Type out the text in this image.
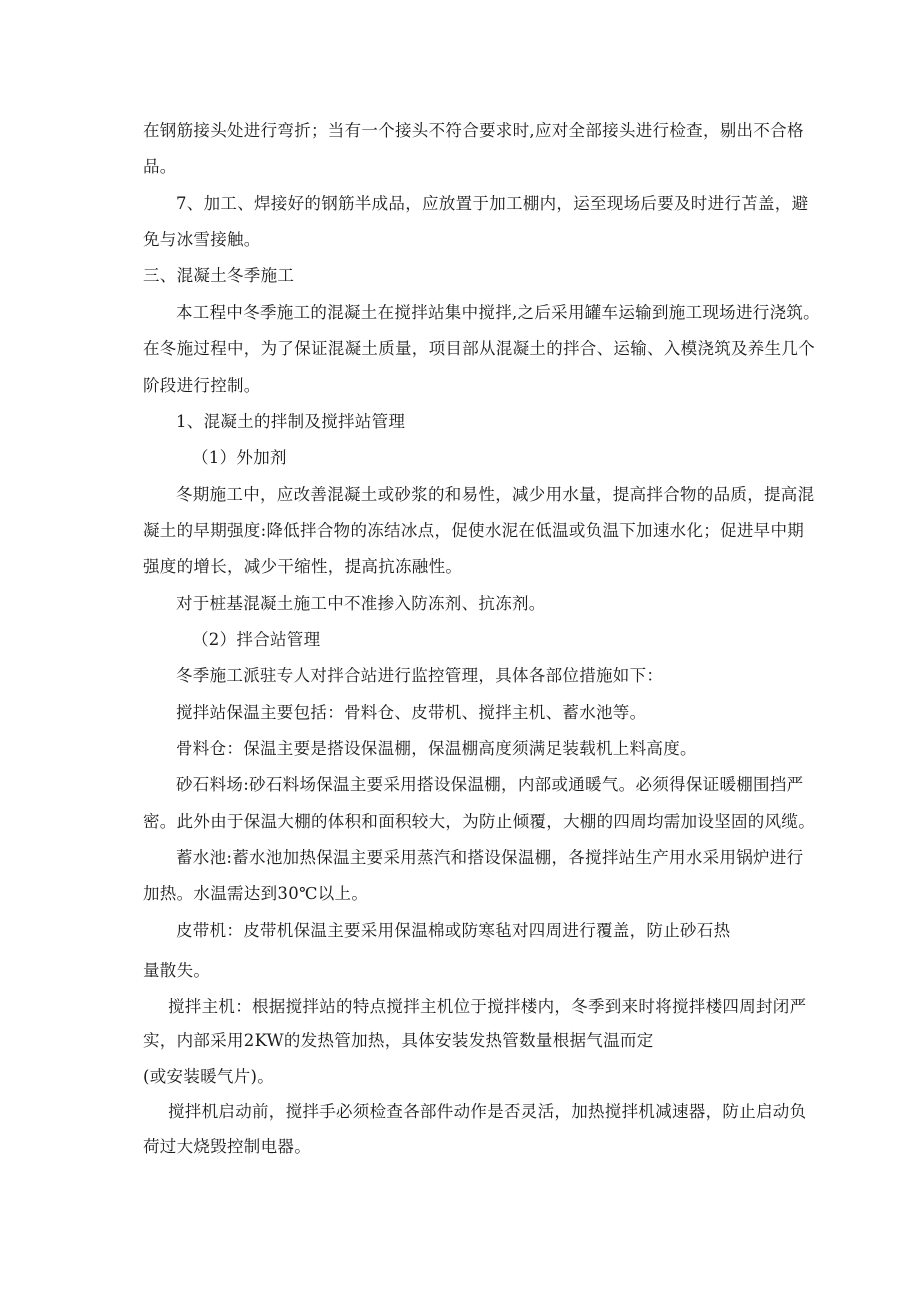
在钢筋接头处进行弯折；当有一个接头不符合要求时,应对全部接头进行检查，剔出不合格
品。
7、加工、焊接好的钢筋半成品，应放置于加工棚内，运至现场后要及时进行苫盖，避
免与冰雪接触。
三、混凝土冬季施工
本工程中冬季施工的混凝土在搅拌站集中搅拌,之后采用罐车运输到施工现场进行浇筑。
在冬施过程中，为了保证混凝土质量，项目部从混凝土的拌合、运输、入模浇筑及养生几个
阶段进行控制。
1、混凝土的拌制及搅拌站管理
（1）外加剂
冬期施工中，应改善混凝土或砂浆的和易性，减少用水量，提高拌合物的品质，提高混
凝土的早期强度:降低拌合物的冻结冰点，促使水泥在低温或负温下加速水化；促进早中期
强度的增长，减少干缩性，提高抗冻融性。
对于桩基混凝土施工中不准掺入防冻剂、抗冻剂。
（2）拌合站管理
冬季施工派驻专人对拌合站进行监控管理，具体各部位措施如下：
搅拌站保温主要包括：骨料仓、皮带机、搅拌主机、蓄水池等。
骨料仓：保温主要是搭设保温棚，保温棚高度须满足装载机上料高度。
砂石料场:砂石料场保温主要采用搭设保温棚，内部或通暖气。必须得保证暖棚围挡严
密。此外由于保温大棚的体积和面积较大，为防止倾覆，大棚的四周均需加设坚固的风缆。
蓄水池:蓄水池加热保温主要采用蒸汽和搭设保温棚，各搅拌站生产用水采用锅炉进行
加热。水温需达到30℃以上。
皮带机：皮带机保温主要采用保温棉或防寒毡对四周进行覆盖，防止砂石热
量散失。
搅拌主机：根据搅拌站的特点搅拌主机位于搅拌楼内，冬季到来时将搅拌楼四周封闭严
实，内部采用2KW的发热管加热，具体安装发热管数量根据气温而定
(或安装暖气片)。
搅拌机启动前，搅拌手必须检查各部件动作是否灵活，加热搅拌机减速器，防止启动负
荷过大烧毁控制电器。
